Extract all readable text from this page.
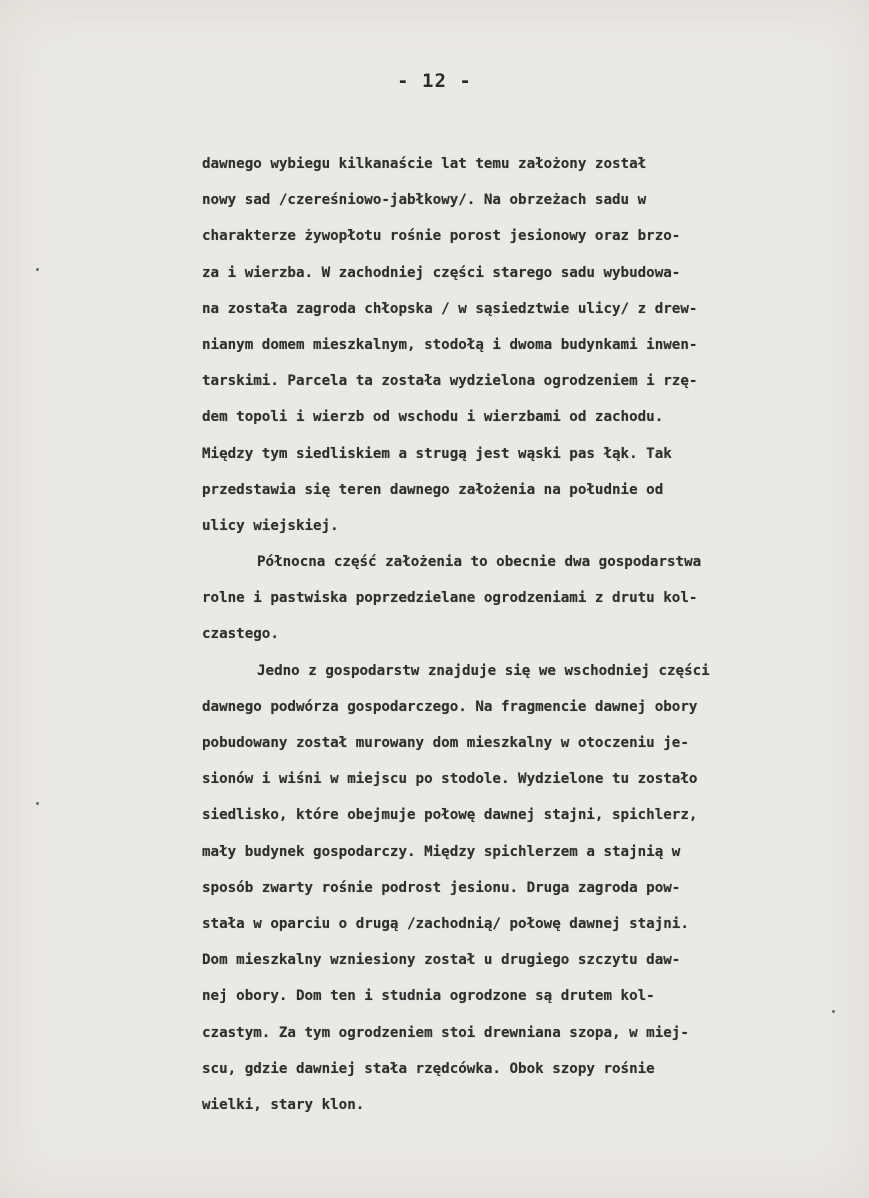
- 12 -
dawnego wybiegu kilkanaście lat temu założony został
nowy sad /czereśniowo-jabłkowy/. Na obrzeżach sadu w
charakterze żywopłotu rośnie porost jesionowy oraz brzo-
za i wierzba. W zachodniej części starego sadu wybudowa-
na została zagroda chłopska / w sąsiedztwie ulicy/ z drew-
nianym domem mieszkalnym, stodołą i dwoma budynkami inwen-
tarskimi. Parcela ta została wydzielona ogrodzeniem i rzę-
dem topoli i wierzb od wschodu i wierzbami od zachodu.
Między tym siedliskiem a strugą jest wąski pas łąk. Tak
przedstawia się teren dawnego założenia na południe od
ulicy wiejskiej.
Północna część założenia to obecnie dwa gospodarstwa
rolne i pastwiska poprzedzielane ogrodzeniami z drutu kol-
czastego.
Jedno z gospodarstw znajduje się we wschodniej części
dawnego podwórza gospodarczego. Na fragmencie dawnej obory
pobudowany został murowany dom mieszkalny w otoczeniu je-
sionów i wiśni w miejscu po stodole. Wydzielone tu zostało
siedlisko, które obejmuje połowę dawnej stajni, spichlerz,
mały budynek gospodarczy. Między spichlerzem a stajnią w
sposób zwarty rośnie podrost jesionu. Druga zagroda pow-
stała w oparciu o drugą /zachodnią/ połowę dawnej stajni.
Dom mieszkalny wzniesiony został u drugiego szczytu daw-
nej obory. Dom ten i studnia ogrodzone są drutem kol-
czastym. Za tym ogrodzeniem stoi drewniana szopa, w miej-
scu, gdzie dawniej stała rzędcówka. Obok szopy rośnie
wielki, stary klon.
